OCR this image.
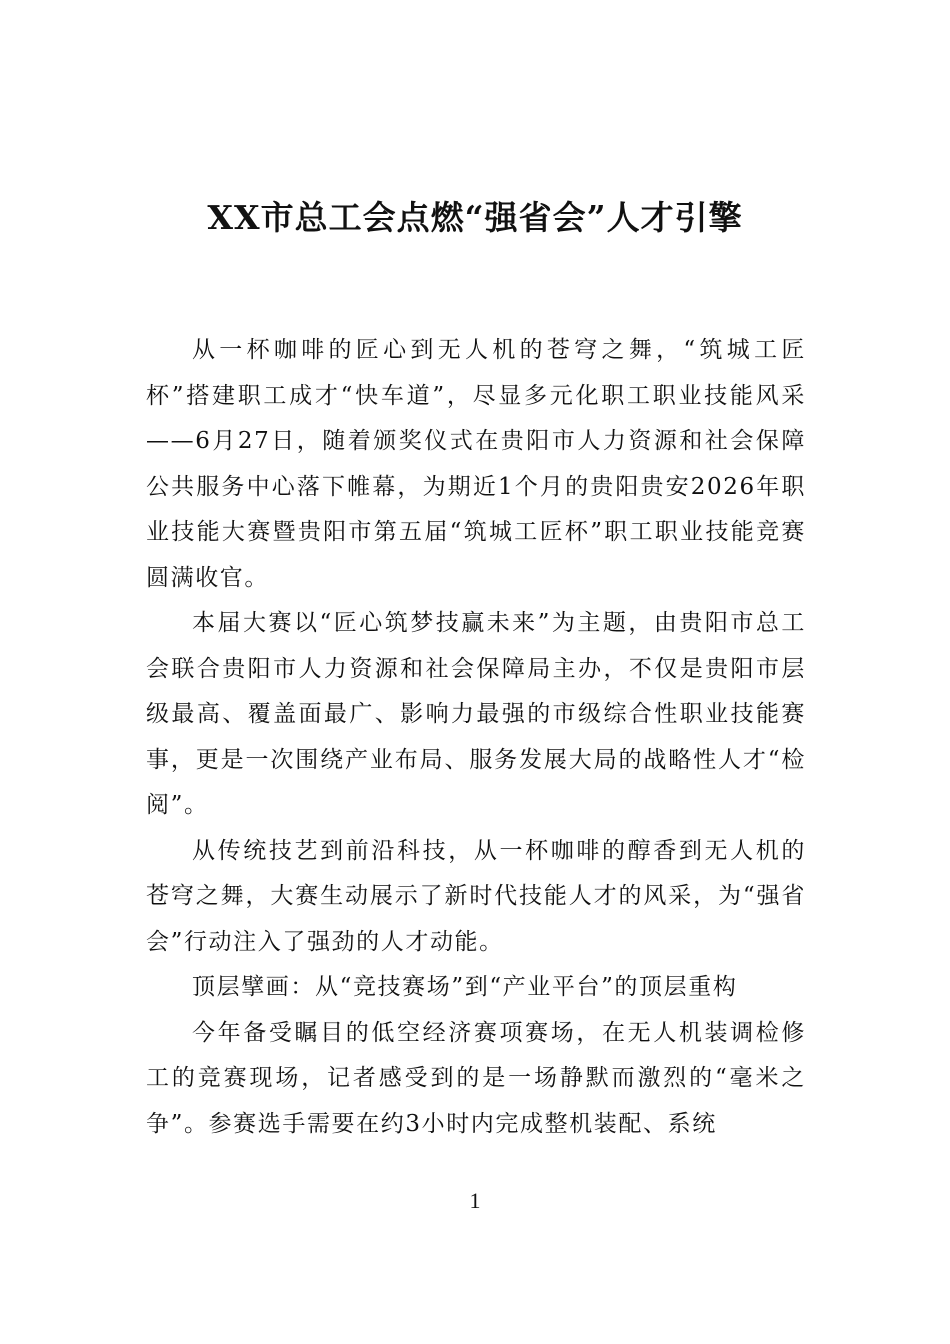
XX市总工会点燃“强省会”人才引擎

从一杯咖啡的匠心到无人机的苍穹之舞，“筑城工匠杯”搭建职工成才“快车道”，尽显多元化职工职业技能风采——6月27日，随着颁奖仪式在贵阳市人力资源和社会保障公共服务中心落下帷幕，为期近1个月的贵阳贵安2026年职业技能大赛暨贵阳市第五届“筑城工匠杯”职工职业技能竞赛圆满收官。

本届大赛以“匠心筑梦技赢未来”为主题，由贵阳市总工会联合贵阳市人力资源和社会保障局主办，不仅是贵阳市层级最高、覆盖面最广、影响力最强的市级综合性职业技能赛事，更是一次围绕产业布局、服务发展大局的战略性人才“检阅”。

从传统技艺到前沿科技，从一杯咖啡的醇香到无人机的苍穹之舞，大赛生动展示了新时代技能人才的风采，为“强省会”行动注入了强劲的人才动能。

顶层擘画：从“竞技赛场”到“产业平台”的顶层重构

今年备受瞩目的低空经济赛项赛场，在无人机装调检修工的竞赛现场，记者感受到的是一场静默而激烈的“毫米之争”。参赛选手需要在约3小时内完成整机装配、系统

1
